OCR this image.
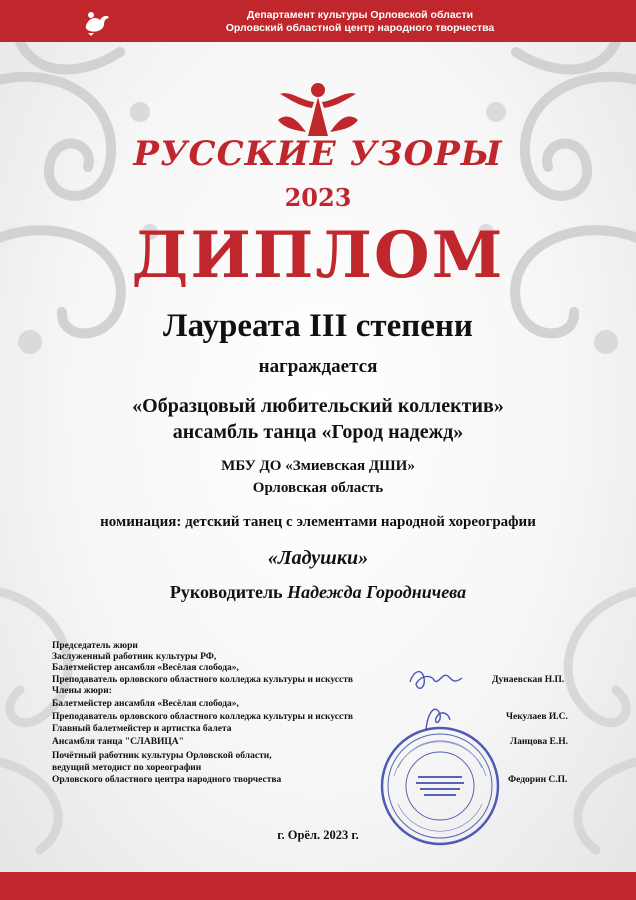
Департамент культуры Орловской области
Орловский областной центр народного творчества
РУССКИЕ УЗОРЫ
2023
ДИПЛОМ
Лауреата III степени
награждается
«Образцовый любительский коллектив»
ансамбль танца «Город надежд»
МБУ ДО «Змиевская ДШИ»
Орловская область
номинация: детский танец с элементами народной хореографии
«Ладушки»
Руководитель Надежда Городничева
Председатель жюри
Заслуженный работник культуры РФ,
Балетмейстер ансамбля «Весёлая слобода»,
Преподаватель орловского областного колледжа культуры и искусств
Члены жюри:
Балетмейстер ансамбля «Весёлая слобода»,
Преподаватель орловского областного колледжа культуры и искусств
Главный балетмейстер и артистка балета
Ансамбля танца "СЛАВИЦА"
Почётный работник культуры Орловской области,
ведущий методист по хореографии
Орловского областного центра народного творчества
Дунаевская Н.П.
Чекулаев И.С.
Ланцова Е.Н.
Федорин С.П.
г. Орёл. 2023 г.
